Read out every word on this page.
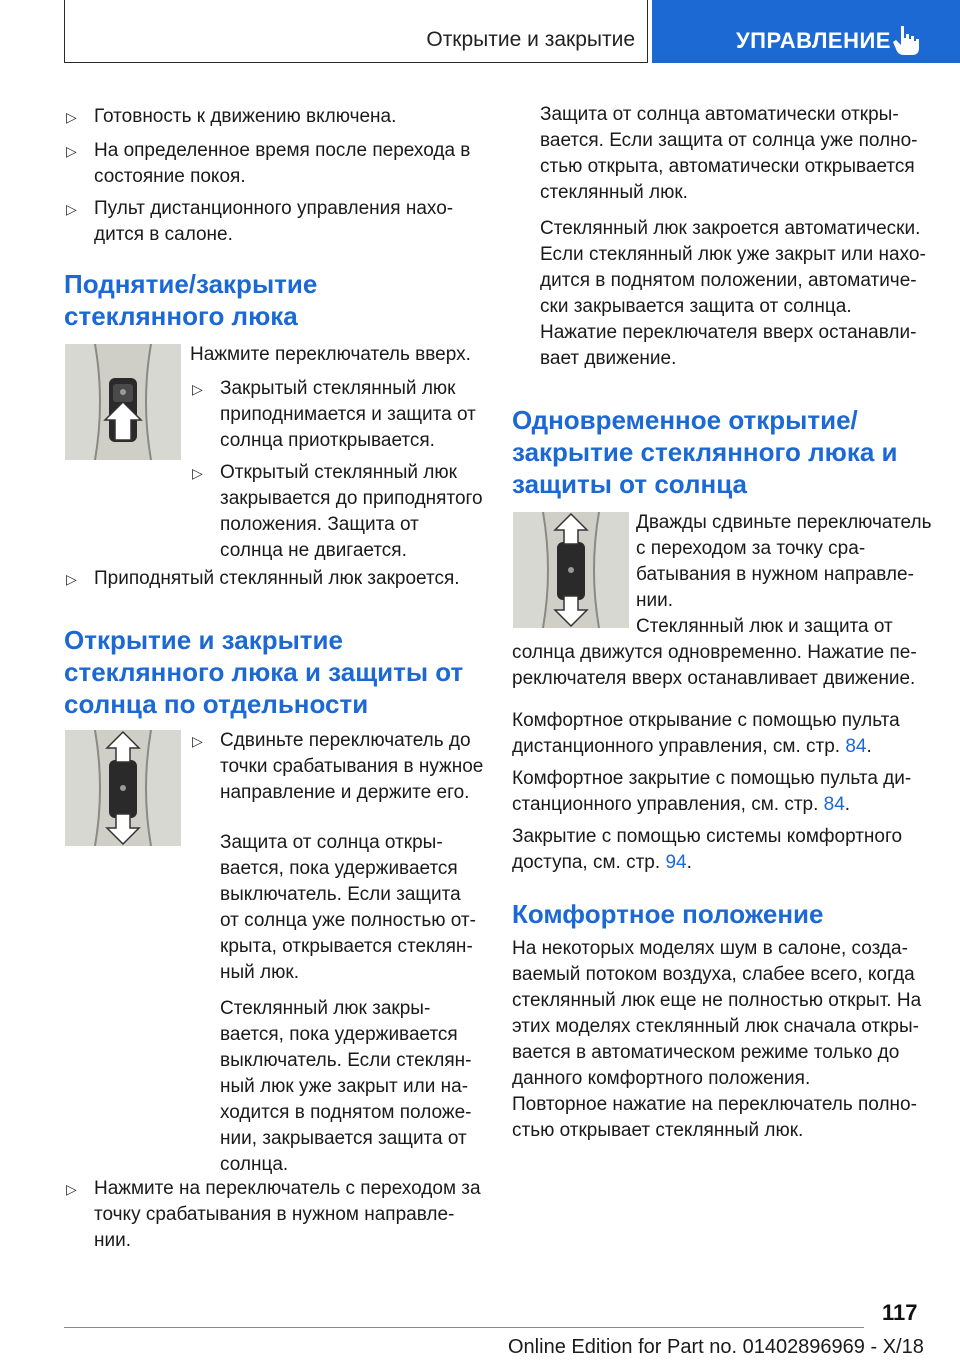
Открытие и закрытие	УПРАВЛЕНИЕ
▷ Готовность к движению включена.

▷ На определенное время после перехода в состояние покоя.

▷ Пульт дистанционного управления находится в салоне.

Поднятие/закрытие стеклянного люка

Нажмите переключатель вверх.

▷ Закрытый стеклянный люк приподнимается и защита от солнца приоткрывается.

▷ Открытый стеклянный люк закрывается до приподнятого положения. Защита от солнца не двигается.

▷ Приподнятый стеклянный люк закроется.

Открытие и закрытие стеклянного люка и защиты от солнца по отдельности
▷ Сдвиньте переключатель до точки срабатывания в нужное направление и держите его.

Защита от солнца открывается, пока удерживается выключатель. Если защита от солнца уже полностью открыта, открывается стеклянный люк.

Стеклянный люк закрывается, пока удерживается выключатель. Если стеклянный люк уже закрыт или находится в поднятом положении, закрывается защита от солнца.

▷ Нажмите на переключатель с переходом за точку срабатывания в нужном направлении.

Защита от солнца автоматически открывается. Если защита от солнца уже полностью открыта, автоматически открывается стеклянный люк.

Стеклянный люк закроется автоматически. Если стеклянный люк уже закрыт или находится в поднятом положении, автоматически закрывается защита от солнца.

Нажатие переключателя вверх останавливает движение.

Одновременное открытие/ закрытие стеклянного люка и защиты от солнца

Дважды сдвиньте переключатель с переходом за точку срабатывания в нужном направлении.

Стеклянный люк и защита от

солнца движутся одновременно. Нажатие переключателя вверх останавливает движение.

Комфортное открывание с помощью пульта дистанционного управления, см. стр. 84.

Комфортное закрытие с помощью пульта дистанционного управления, см. стр. 84.

Закрытие с помощью системы комфортного доступа, см. стр. 94.

Комфортное положение

На некоторых моделях шум в салоне, создаваемый потоком воздуха, слабее всего, когда стеклянный люк еще не полностью открыт. На этих моделях стеклянный люк сначала открывается в автоматическом режиме только до данного комфортного положения.

Повторное нажатие на переключатель полностью открывает стеклянный люк.

117
Online Edition for Part no. 01402896969 - X/18
